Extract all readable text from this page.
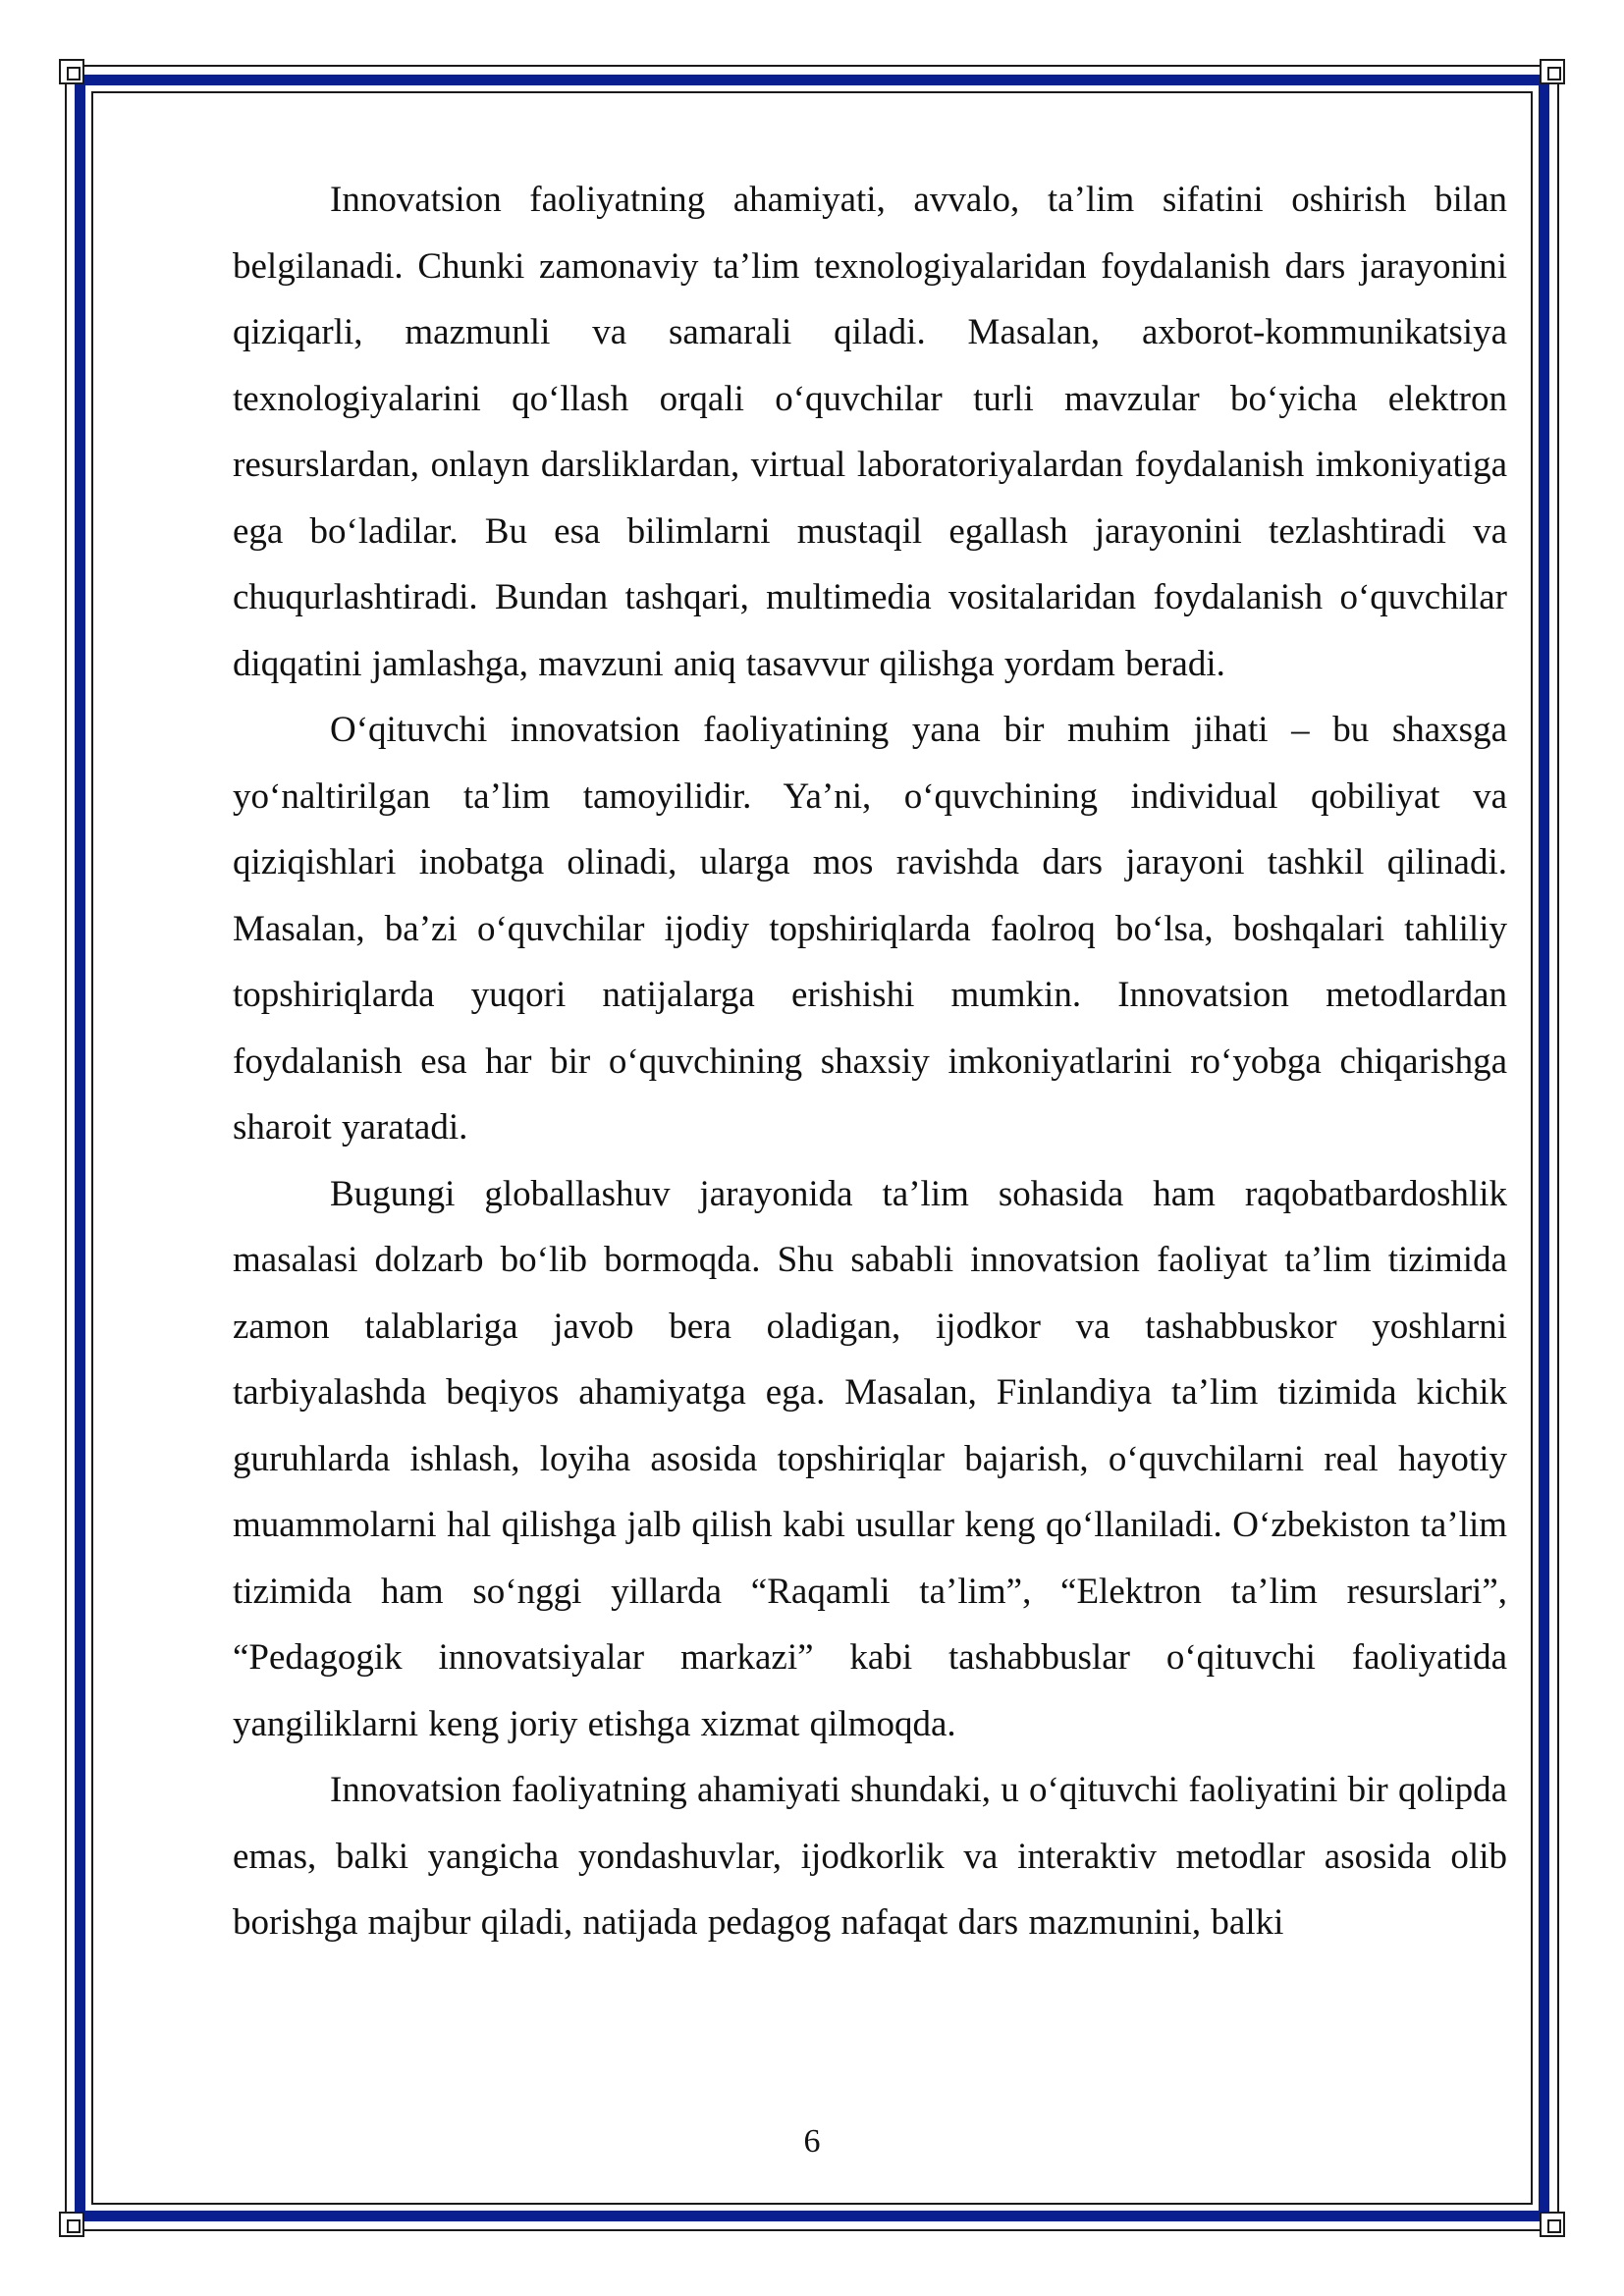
Innovatsion faoliyatning ahamiyati, avvalo, ta’lim sifatini oshirish bilan belgilanadi. Chunki zamonaviy ta’lim texnologiyalaridan foydalanish dars jarayonini qiziqarli, mazmunli va samarali qiladi. Masalan, axborot-kommunikatsiya texnologiyalarini qo‘llash orqali o‘quvchilar turli mavzular bo‘yicha elektron resurslardan, onlayn darsliklardan, virtual laboratoriyalardan foydalanish imkoniyatiga ega bo‘ladilar. Bu esa bilimlarni mustaqil egallash jarayonini tezlashtiradi va chuqurlashtiradi. Bundan tashqari, multimedia vositalaridan foydalanish o‘quvchilar diqqatini jamlashga, mavzuni aniq tasavvur qilishga yordam beradi.

O‘qituvchi innovatsion faoliyatining yana bir muhim jihati – bu shaxsga yo‘naltirilgan ta’lim tamoyilidir. Ya’ni, o‘quvchining individual qobiliyat va qiziqishlari inobatga olinadi, ularga mos ravishda dars jarayoni tashkil qilinadi. Masalan, ba’zi o‘quvchilar ijodiy topshiriqlarda faolroq bo‘lsa, boshqalari tahliliy topshiriqlarda yuqori natijalarga erishishi mumkin. Innovatsion metodlardan foydalanish esa har bir o‘quvchining shaxsiy imkoniyatlarini ro‘yobga chiqarishga sharoit yaratadi.

Bugungi globallashuv jarayonida ta’lim sohasida ham raqobatbardoshlik masalasi dolzarb bo‘lib bormoqda. Shu sababli innovatsion faoliyat ta’lim tizimida zamon talablariga javob bera oladigan, ijodkor va tashabbuskor yoshlarni tarbiyalashda beqiyos ahamiyatga ega. Masalan, Finlandiya ta’lim tizimida kichik guruhlarda ishlash, loyiha asosida topshiriqlar bajarish, o‘quvchilarni real hayotiy muammolarni hal qilishga jalb qilish kabi usullar keng qo‘llaniladi. O‘zbekiston ta’lim tizimida ham so‘nggi yillarda “Raqamli ta’lim”, “Elektron ta’lim resurslari”, “Pedagogik innovatsiyalar markazi” kabi tashabbuslar o‘qituvchi faoliyatida yangiliklarni keng joriy etishga xizmat qilmoqda.

Innovatsion faoliyatning ahamiyati shundaki, u o‘qituvchi faoliyatini bir qolipda emas, balki yangicha yondashuvlar, ijodkorlik va interaktiv metodlar asosida olib borishga majbur qiladi, natijada pedagog nafaqat dars mazmunini, balki

6
